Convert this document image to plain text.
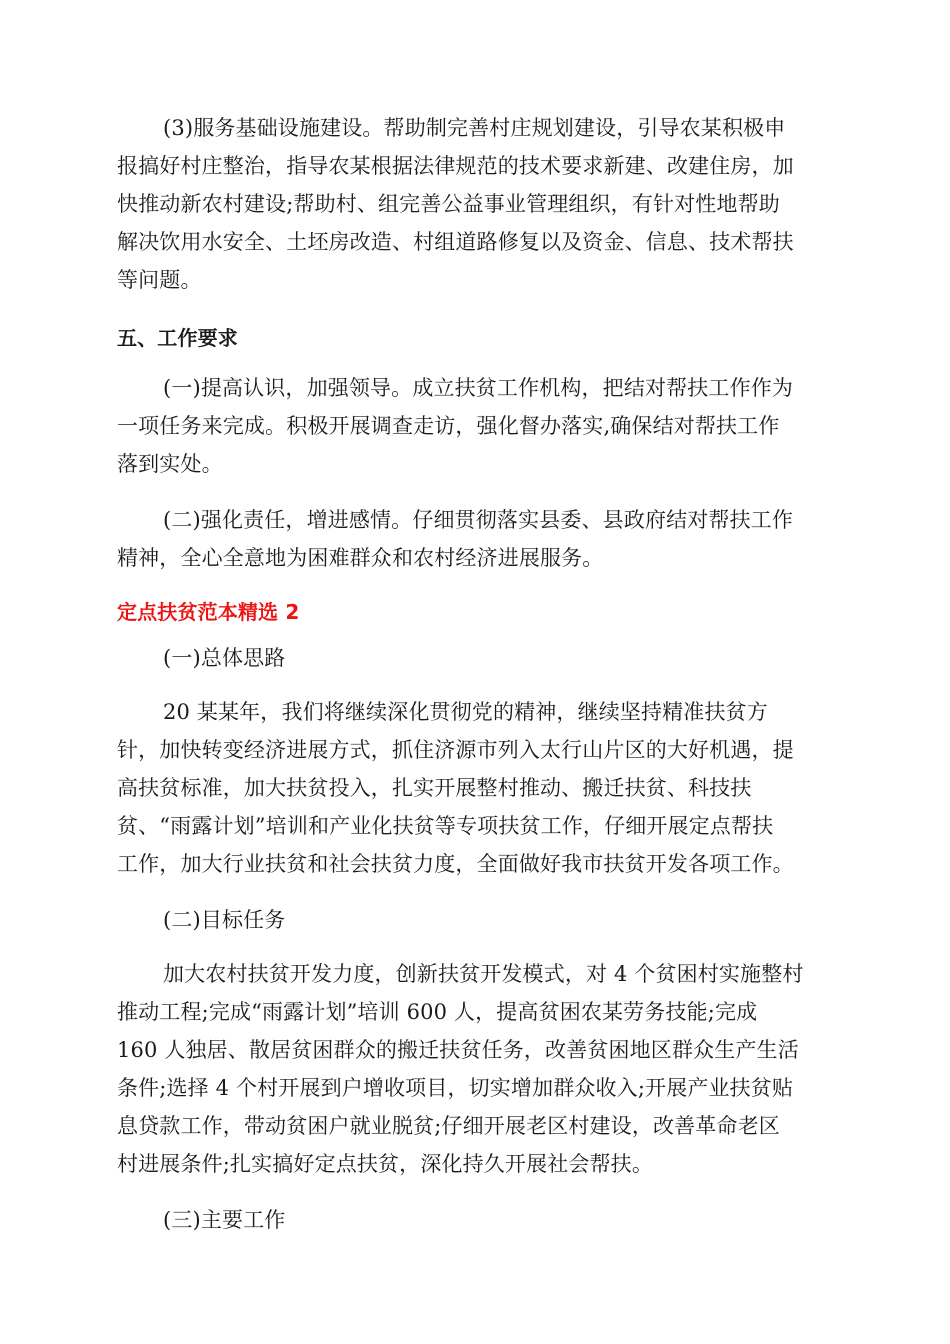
(3)服务基础设施建设。帮助制完善村庄规划建设，引导农某积极申

报搞好村庄整治，指导农某根据法律规范的技术要求新建、改建住房，加

快推动新农村建设;帮助村、组完善公益事业管理组织，有针对性地帮助

解决饮用水安全、土坯房改造、村组道路修复以及资金、信息、技术帮扶

等问题。

五、工作要求

(一)提高认识，加强领导。成立扶贫工作机构，把结对帮扶工作作为

一项任务来完成。积极开展调查走访，强化督办落实,确保结对帮扶工作

落到实处。

(二)强化责任，增进感情。仔细贯彻落实县委、县政府结对帮扶工作

精神，全心全意地为困难群众和农村经济进展服务。

定点扶贫范本精选 2

(一)总体思路

20 某某年，我们将继续深化贯彻党的精神，继续坚持精准扶贫方

针，加快转变经济进展方式，抓住济源市列入太行山片区的大好机遇，提

高扶贫标准，加大扶贫投入，扎实开展整村推动、搬迁扶贫、科技扶

贫、“雨露计划”培训和产业化扶贫等专项扶贫工作，仔细开展定点帮扶

工作，加大行业扶贫和社会扶贫力度，全面做好我市扶贫开发各项工作。

(二)目标任务

加大农村扶贫开发力度，创新扶贫开发模式，对 4 个贫困村实施整村

推动工程;完成“雨露计划”培训 600 人，提高贫困农某劳务技能;完成

160 人独居、散居贫困群众的搬迁扶贫任务，改善贫困地区群众生产生活

条件;选择 4 个村开展到户增收项目，切实增加群众收入;开展产业扶贫贴

息贷款工作，带动贫困户就业脱贫;仔细开展老区村建设，改善革命老区

村进展条件;扎实搞好定点扶贫，深化持久开展社会帮扶。

(三)主要工作
